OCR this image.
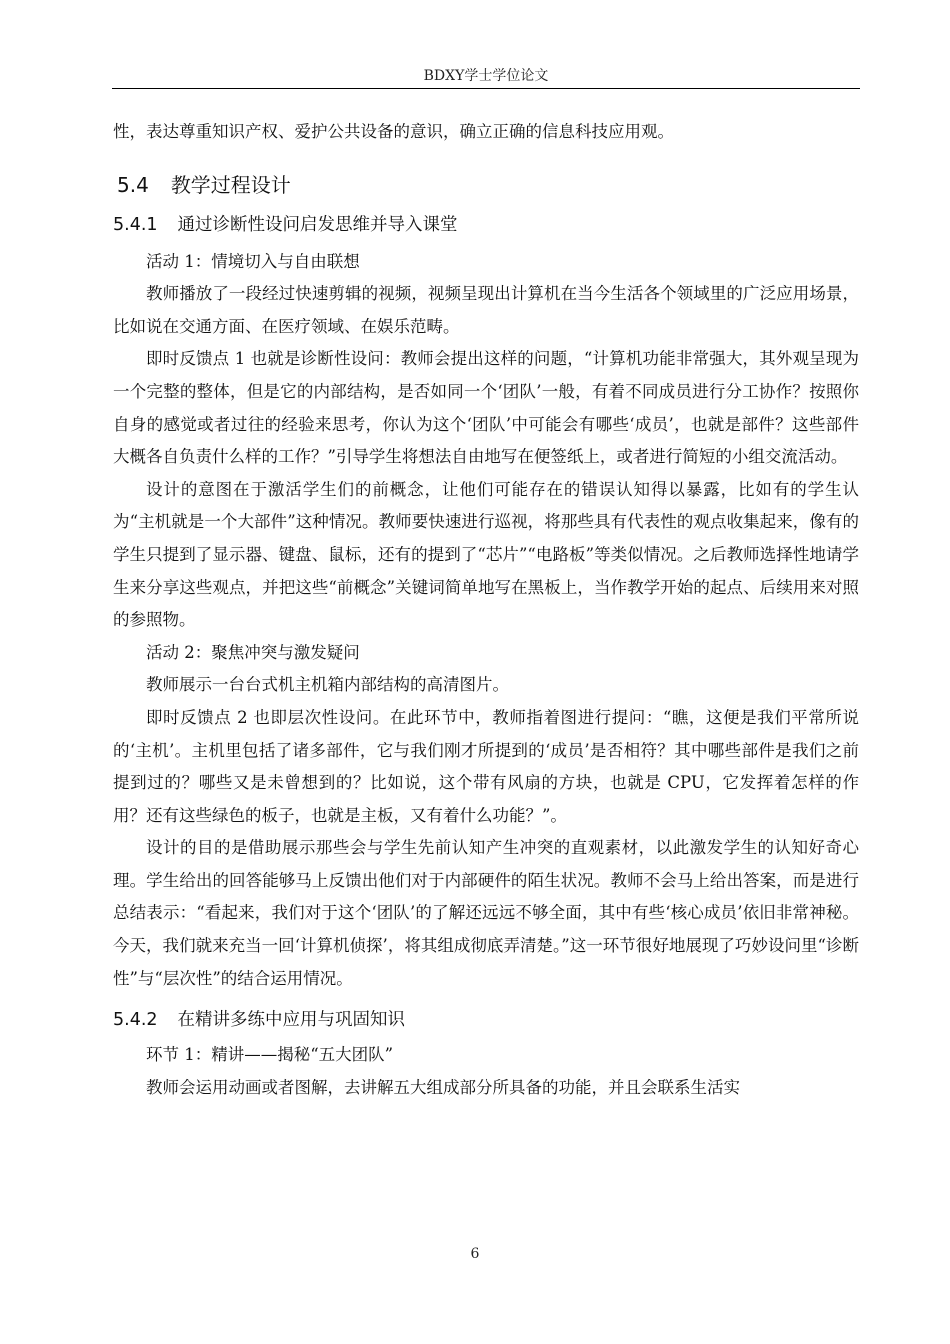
BDXY学士学位论文

性，表达尊重知识产权、爱护公共设备的意识，确立正确的信息科技应用观。

5.4 教学过程设计
5.4.1 通过诊断性设问启发思维并导入课堂

活动 1：情境切入与自由联想

教师播放了一段经过快速剪辑的视频，视频呈现出计算机在当今生活各个领域里的广泛应用场景，比如说在交通方面、在医疗领域、在娱乐范畴。

即时反馈点 1 也就是诊断性设问：教师会提出这样的问题，“计算机功能非常强大，其外观呈现为一个完整的整体，但是它的内部结构，是否如同一个‘团队’一般，有着不同成员进行分工协作？按照你自身的感觉或者过往的经验来思考，你认为这个‘团队’中可能会有哪些‘成员’，也就是部件？这些部件大概各自负责什么样的工作？”引导学生将想法自由地写在便签纸上，或者进行简短的小组交流活动。

设计的意图在于激活学生们的前概念，让他们可能存在的错误认知得以暴露，比如有的学生认为“主机就是一个大部件”这种情况。教师要快速进行巡视，将那些具有代表性的观点收集起来，像有的学生只提到了显示器、键盘、鼠标，还有的提到了“芯片”“电路板”等类似情况。之后教师选择性地请学生来分享这些观点，并把这些“前概念”关键词简单地写在黑板上，当作教学开始的起点、后续用来对照的参照物。

活动 2：聚焦冲突与激发疑问

教师展示一台台式机主机箱内部结构的高清图片。

即时反馈点 2 也即层次性设问。在此环节中，教师指着图进行提问：“瞧，这便是我们平常所说的‘主机’。主机里包括了诸多部件，它与我们刚才所提到的‘成员’是否相符？其中哪些部件是我们之前提到过的？哪些又是未曾想到的？比如说，这个带有风扇的方块，也就是 CPU，它发挥着怎样的作用？还有这些绿色的板子，也就是主板，又有着什么功能？”。

设计的目的是借助展示那些会与学生先前认知产生冲突的直观素材，以此激发学生的认知好奇心理。学生给出的回答能够马上反馈出他们对于内部硬件的陌生状况。教师不会马上给出答案，而是进行总结表示：“看起来，我们对于这个‘团队’的了解还远远不够全面，其中有些‘核心成员’依旧非常神秘。今天，我们就来充当一回‘计算机侦探’，将其组成彻底弄清楚。”这一环节很好地展现了巧妙设问里“诊断性”与“层次性”的结合运用情况。

5.4.2 在精讲多练中应用与巩固知识

环节 1：精讲——揭秘“五大团队”

教师会运用动画或者图解，去讲解五大组成部分所具备的功能，并且会联系生活实

6
